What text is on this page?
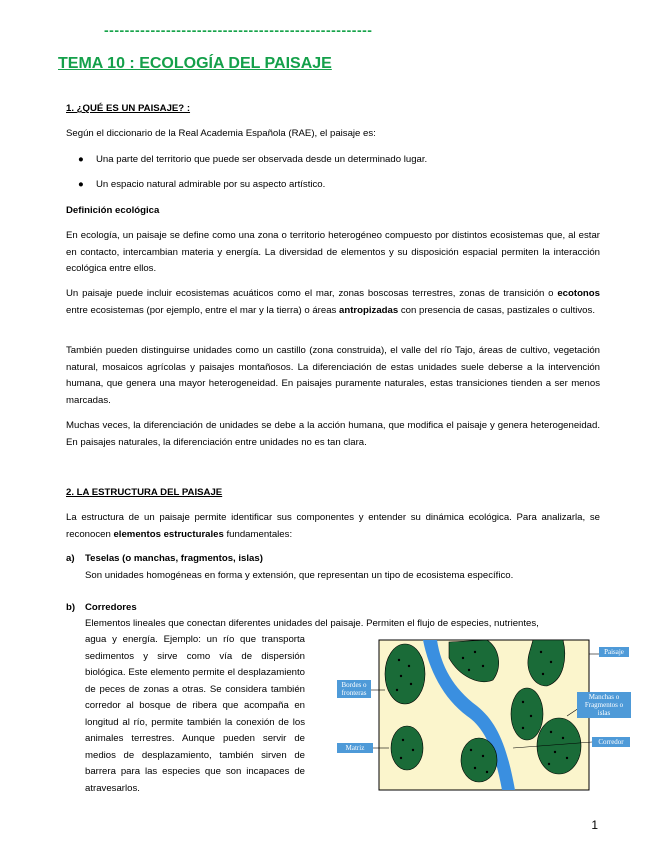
----------------------------------------------------
TEMA 10 : ECOLOGÍA DEL PAISAJE
1. ¿QUÉ ES UN PAISAJE? :
Según el diccionario de la Real Academia Española (RAE), el paisaje es:
● Una parte del territorio que puede ser observada desde un determinado lugar.
● Un espacio natural admirable por su aspecto artístico.
Definición ecológica
En ecología, un paisaje se define como una zona o territorio heterogéneo compuesto por distintos ecosistemas que, al estar en contacto, intercambian materia y energía. La diversidad de elementos y su disposición espacial permiten la interacción ecológica entre ellos.
Un paisaje puede incluir ecosistemas acuáticos como el mar, zonas boscosas terrestres, zonas de transición o ecotonos entre ecosistemas (por ejemplo, entre el mar y la tierra) o áreas antropizadas con presencia de casas, pastizales o cultivos.
También pueden distinguirse unidades como un castillo (zona construida), el valle del río Tajo, áreas de cultivo, vegetación natural, mosaicos agrícolas y paisajes montañosos. La diferenciación de estas unidades suele deberse a la intervención humana, que genera una mayor heterogeneidad. En paisajes puramente naturales, estas transiciones tienden a ser menos marcadas.
Muchas veces, la diferenciación de unidades se debe a la acción humana, que modifica el paisaje y genera heterogeneidad. En paisajes naturales, la diferenciación entre unidades no es tan clara.
2. LA ESTRUCTURA DEL PAISAJE
La estructura de un paisaje permite identificar sus componentes y entender su dinámica ecológica. Para analizarla, se reconocen elementos estructurales fundamentales:
a) Teselas (o manchas, fragmentos, islas)
Son unidades homogéneas en forma y extensión, que representan un tipo de ecosistema específico.
b) Corredores
Elementos lineales que conectan diferentes unidades del paisaje. Permiten el flujo de especies, nutrientes,
agua y energía. Ejemplo: un río que transporta sedimentos y sirve como vía de dispersión biológica. Este elemento permite el desplazamiento de peces de zonas a otras. Se considera también corredor al bosque de ribera que acompaña en longitud al río, permite también la conexión de los animales terrestres. Aunque pueden servir de medios de desplazamiento, también sirven de barrera para las especies que son incapaces de atravesarlos.
Paisaje
Bordes o fronteras	Manchas o Fragmentos o islas
Corredor
Matriz
1
